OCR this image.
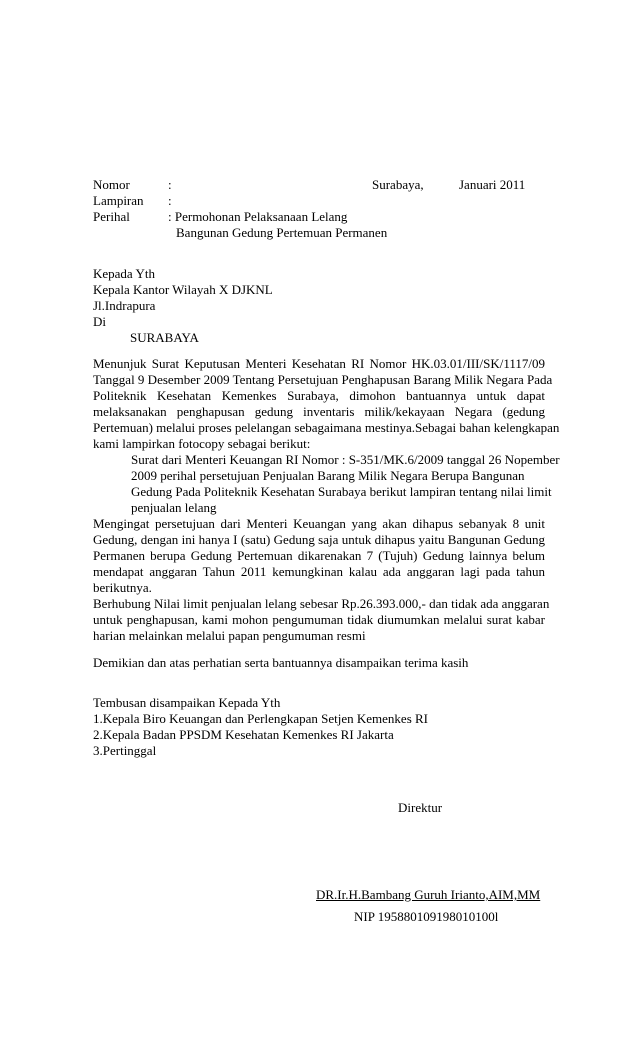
Nomor	:	Surabaya,	Januari 2011
Lampiran :
Perihal	: Permohonan Pelaksanaan Lelang
Bangunan Gedung Pertemuan Permanen
Kepada Yth
Kepala Kantor Wilayah X DJKNL
Jl.Indrapura
Di
SURABAYA
Menunjuk Surat Keputusan Menteri Kesehatan RI Nomor HK.03.01/III/SK/1117/09
Tanggal 9 Desember 2009 Tentang Persetujuan Penghapusan Barang Milik Negara Pada
Politeknik Kesehatan Kemenkes Surabaya, dimohon bantuannya untuk dapat
melaksanakan penghapusan gedung inventaris milik/kekayaan Negara (gedung
Pertemuan) melalui proses pelelangan sebagaimana mestinya.Sebagai bahan kelengkapan
kami lampirkan fotocopy sebagai berikut:
Surat dari Menteri Keuangan RI Nomor : S-351/MK.6/2009 tanggal 26 Nopember
2009 perihal persetujuan Penjualan Barang Milik Negara Berupa Bangunan
Gedung Pada Politeknik Kesehatan Surabaya berikut lampiran tentang nilai limit
penjualan lelang
Mengingat persetujuan dari Menteri Keuangan yang akan dihapus sebanyak 8 unit
Gedung, dengan ini hanya I (satu) Gedung saja untuk dihapus yaitu Bangunan Gedung
Permanen berupa Gedung Pertemuan dikarenakan 7 (Tujuh) Gedung lainnya belum
mendapat anggaran Tahun 2011 kemungkinan kalau ada anggaran lagi pada tahun
berikutnya.
Berhubung Nilai limit penjualan lelang sebesar Rp.26.393.000,- dan tidak ada anggaran
untuk penghapusan, kami mohon pengumuman tidak diumumkan melalui surat kabar
harian melainkan melalui papan pengumuman resmi
Demikian dan atas perhatian serta bantuannya disampaikan terima kasih
Tembusan disampaikan Kepada Yth
1.Kepala Biro Keuangan dan Perlengkapan Setjen Kemenkes RI
2.Kepala Badan PPSDM Kesehatan Kemenkes RI Jakarta
3.Pertinggal
Direktur
DR.Ir.H.Bambang Guruh Irianto,AIM,MM
NIP 195880109198010100l
